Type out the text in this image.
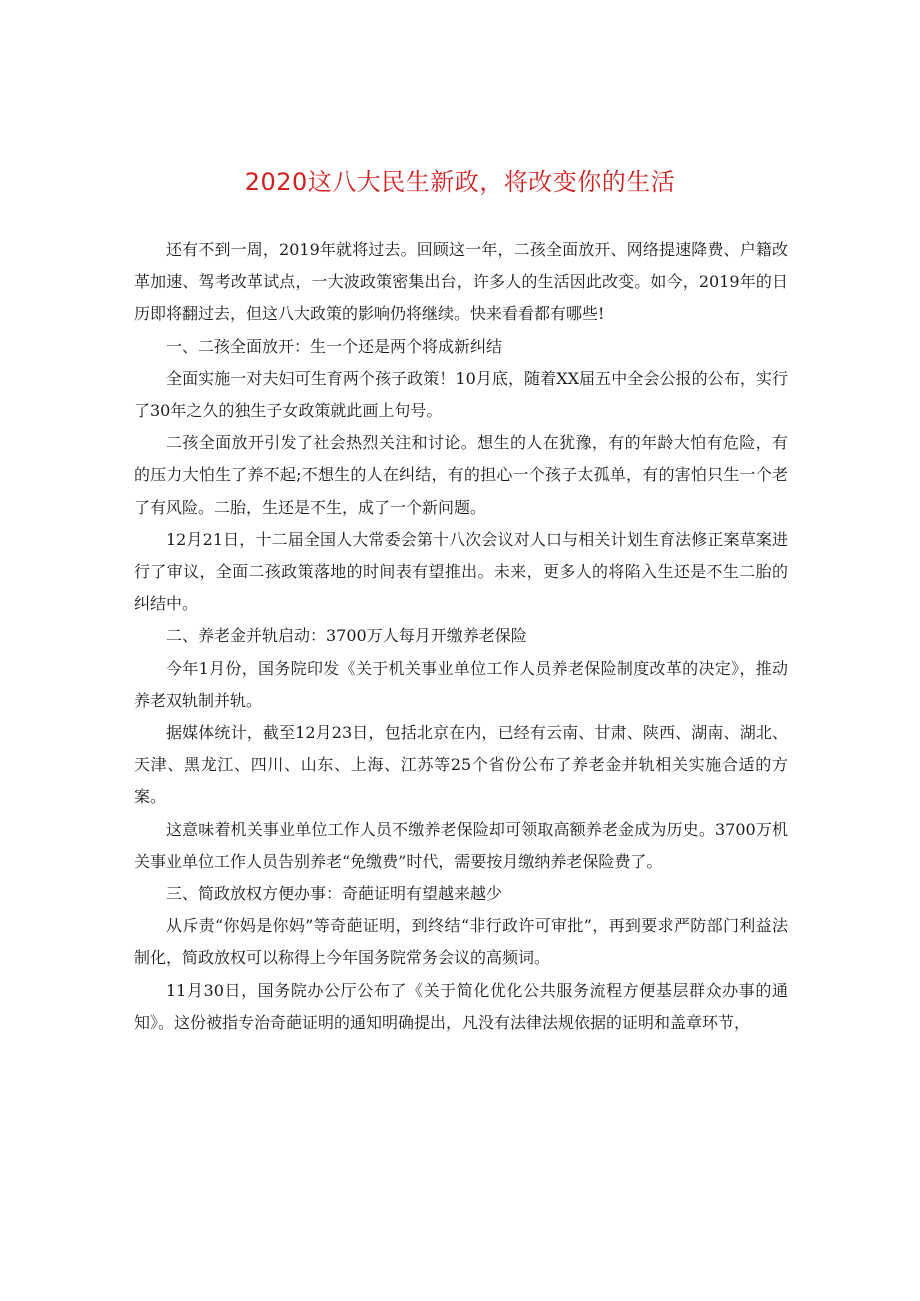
2020这八大民生新政，将改变你的生活

还有不到一周，2019年就将过去。回顾这一年，二孩全面放开、网络提速降费、户籍改革加速、驾考改革试点，一大波政策密集出台，许多人的生活因此改变。如今，2019年的日历即将翻过去，但这八大政策的影响仍将继续。快来看看都有哪些!

一、二孩全面放开：生一个还是两个将成新纠结

全面实施一对夫妇可生育两个孩子政策！10月底，随着XX届五中全会公报的公布，实行了30年之久的独生子女政策就此画上句号。

二孩全面放开引发了社会热烈关注和讨论。想生的人在犹豫，有的年龄大怕有危险，有的压力大怕生了养不起;不想生的人在纠结，有的担心一个孩子太孤单，有的害怕只生一个老了有风险。二胎，生还是不生，成了一个新问题。

12月21日，十二届全国人大常委会第十八次会议对人口与相关计划生育法修正案草案进行了审议，全面二孩政策落地的时间表有望推出。未来，更多人的将陷入生还是不生二胎的纠结中。

二、养老金并轨启动：3700万人每月开缴养老保险

今年1月份，国务院印发《关于机关事业单位工作人员养老保险制度改革的决定》，推动养老双轨制并轨。

据媒体统计，截至12月23日，包括北京在内，已经有云南、甘肃、陕西、湖南、湖北、天津、黑龙江、四川、山东、上海、江苏等25个省份公布了养老金并轨相关实施合适的方案。

这意味着机关事业单位工作人员不缴养老保险却可领取高额养老金成为历史。3700万机关事业单位工作人员告别养老“免缴费”时代，需要按月缴纳养老保险费了。

三、简政放权方便办事：奇葩证明有望越来越少

从斥责“你妈是你妈”等奇葩证明，到终结“非行政许可审批”，再到要求严防部门利益法制化，简政放权可以称得上今年国务院常务会议的高频词。

11月30日，国务院办公厅公布了《关于简化优化公共服务流程方便基层群众办事的通知》。这份被指专治奇葩证明的通知明确提出，凡没有法律法规依据的证明和盖章环节，
